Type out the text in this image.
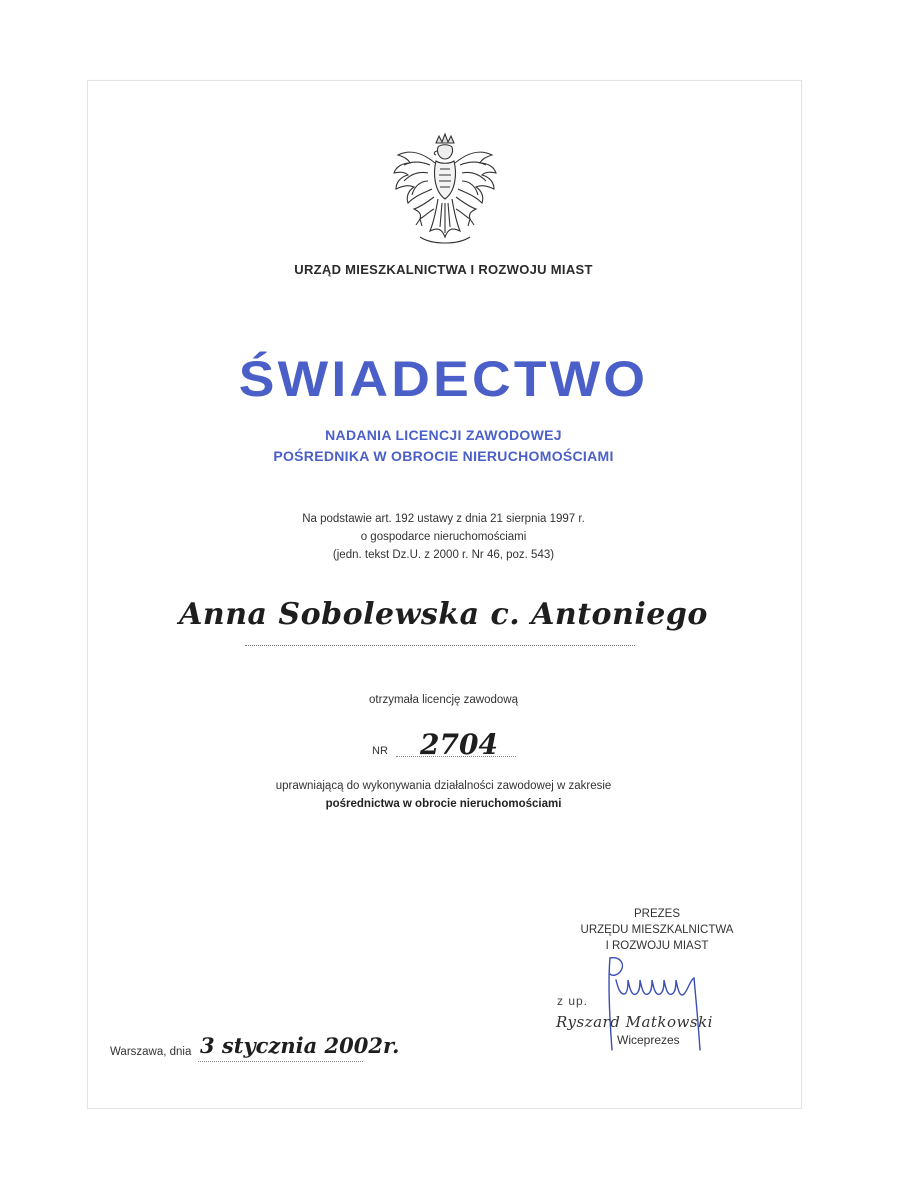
URZĄD MIESZKALNICTWA I ROZWOJU MIAST
ŚWIADECTWO
NADANIA LICENCJI ZAWODOWEJ
POŚREDNIKA W OBROCIE NIERUCHOMOŚCIAMI
Na podstawie art. 192 ustawy z dnia 21 sierpnia 1997 r.
o gospodarce nieruchomościami
(jedn. tekst Dz.U. z 2000 r. Nr 46, poz. 543)
Anna Sobolewska c. Antoniego
otrzymała licencję zawodową
NR 2704
uprawniającą do wykonywania działalności zawodowej w zakresie
pośrednictwa w obrocie nieruchomościami
PREZES
URZĘDU MIESZKALNICTWA
I ROZWOJU MIAST
z up.
Ryszard Matkowski
Wiceprezes
Warszawa, dnia 3 stycznia 2002r.
